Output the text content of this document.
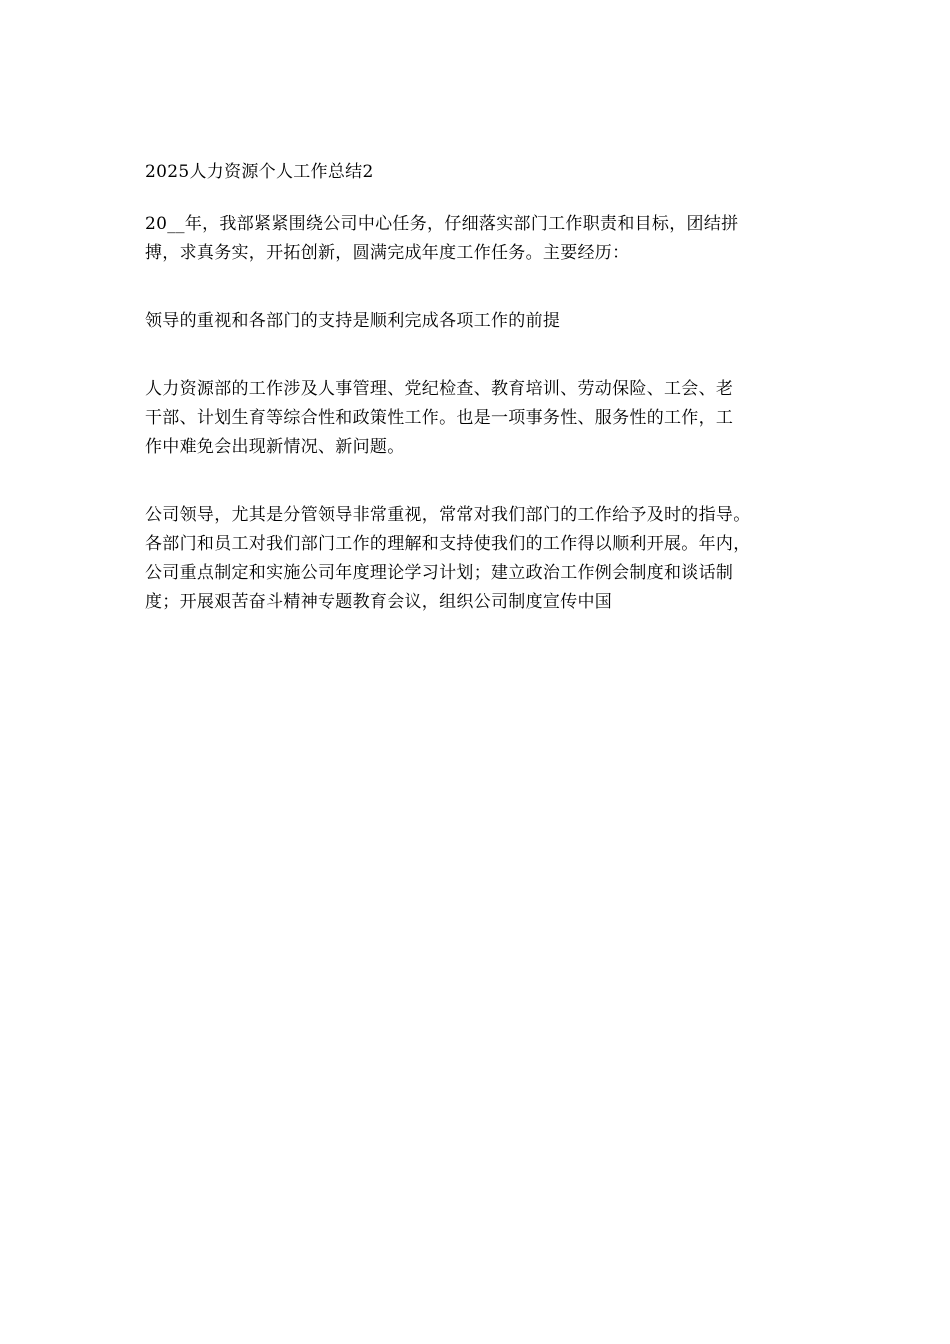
2025人力资源个人工作总结2
20__年，我部紧紧围绕公司中心任务，仔细落实部门工作职责和目标，团结拼
搏，求真务实，开拓创新，圆满完成年度工作任务。主要经历：
领导的重视和各部门的支持是顺利完成各项工作的前提
人力资源部的工作涉及人事管理、党纪检查、教育培训、劳动保险、工会、老
干部、计划生育等综合性和政策性工作。也是一项事务性、服务性的工作，工
作中难免会出现新情况、新问题。
公司领导，尤其是分管领导非常重视，常常对我们部门的工作给予及时的指导。
各部门和员工对我们部门工作的理解和支持使我们的工作得以顺利开展。年内，
公司重点制定和实施公司年度理论学习计划；建立政治工作例会制度和谈话制
度；开展艰苦奋斗精神专题教育会议，组织公司制度宣传中国
